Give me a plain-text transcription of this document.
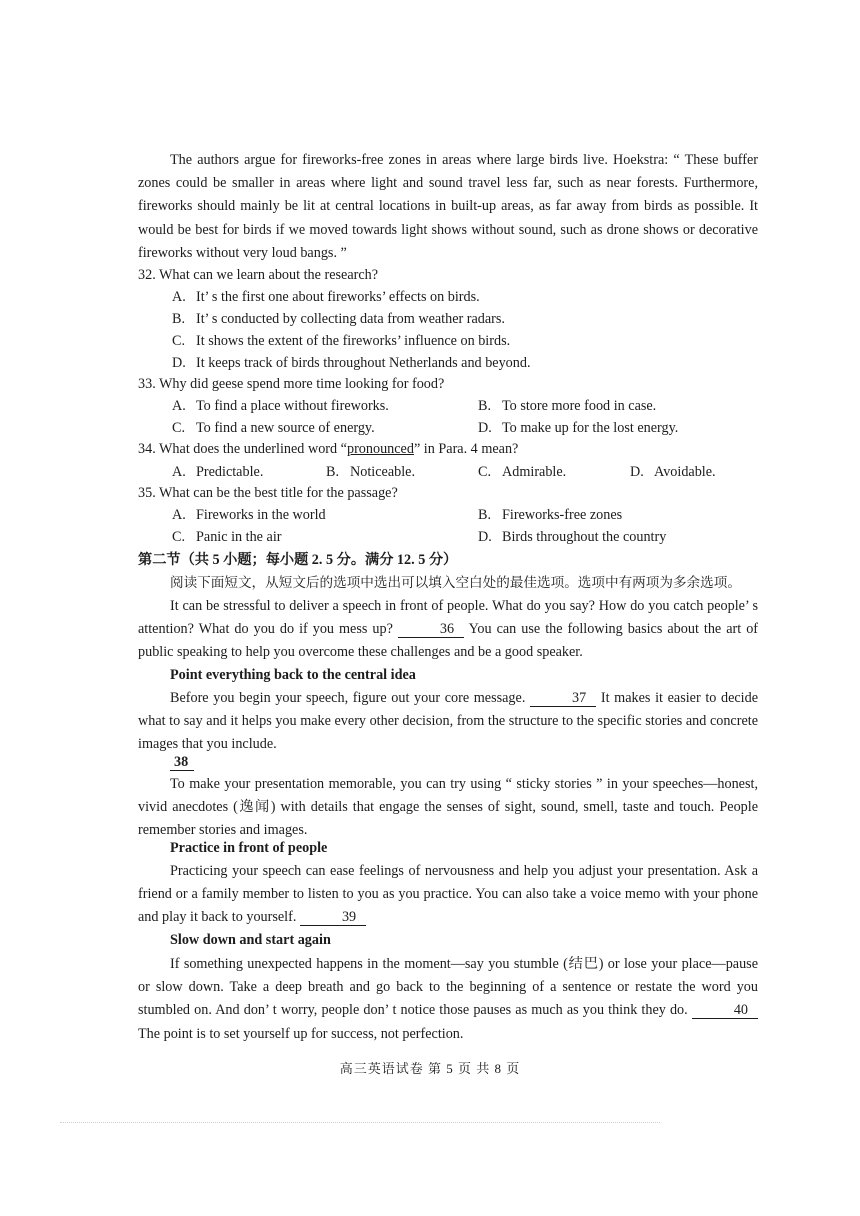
The authors argue for fireworks-free zones in areas where large birds live. Hoekstra: “ These buffer zones could be smaller in areas where light and sound travel less far, such as near forests. Furthermore, fireworks should mainly be lit at central locations in built-up areas, as far away from birds as possible. It would be best for birds if we moved towards light shows without sound, such as drone shows or decorative fireworks without very loud bangs. ”
32. What can we learn about the research?
A. It’ s the first one about fireworks’ effects on birds.
B. It’ s conducted by collecting data from weather radars.
C. It shows the extent of the fireworks’ influence on birds.
D. It keeps track of birds throughout Netherlands and beyond.
33. Why did geese spend more time looking for food?
A. To find a place without fireworks.	B. To store more food in case.
C. To find a new source of energy.	D. To make up for the lost energy.
34. What does the underlined word “pronounced” in Para. 4 mean?
A. Predictable.	B. Noticeable.	C. Admirable.	D. Avoidable.
35. What can be the best title for the passage?
A. Fireworks in the world	B. Fireworks-free zones
C. Panic in the air	D. Birds throughout the country
第二节（共 5 小题；每小题 2. 5 分。满分 12. 5 分）
阅读下面短文，从短文后的选项中选出可以填入空白处的最佳选项。选项中有两项为多余选项。
It can be stressful to deliver a speech in front of people. What do you say? How do you catch people’ s attention? What do you do if you mess up?	36 You can use the following basics about the art of public speaking to help you overcome these challenges and be a good speaker.
Point everything back to the central idea
Before you begin your speech, figure out your core message.	37 It makes it easier to decide what to say and it helps you make every other decision, from the structure to the specific stories and concrete images that you include.
38
To make your presentation memorable, you can try using “ sticky stories ” in your speeches—honest, vivid anecdotes (逸闻) with details that engage the senses of sight, sound, smell, taste and touch. People remember stories and images.
Practice in front of people
Practicing your speech can ease feelings of nervousness and help you adjust your presentation. Ask a friend or a family member to listen to you as you practice. You can also take a voice memo with your phone and play it back to yourself.	39
Slow down and start again
If something unexpected happens in the moment—say you stumble (结巴) or lose your place—pause or slow down. Take a deep breath and go back to the beginning of a sentence or restate the word you stumbled on. And don’ t worry, people don’ t notice those pauses as much as you think they do.	40 The point is to set yourself up for success, not perfection.
高三英语试卷 第 5 页 共 8 页
